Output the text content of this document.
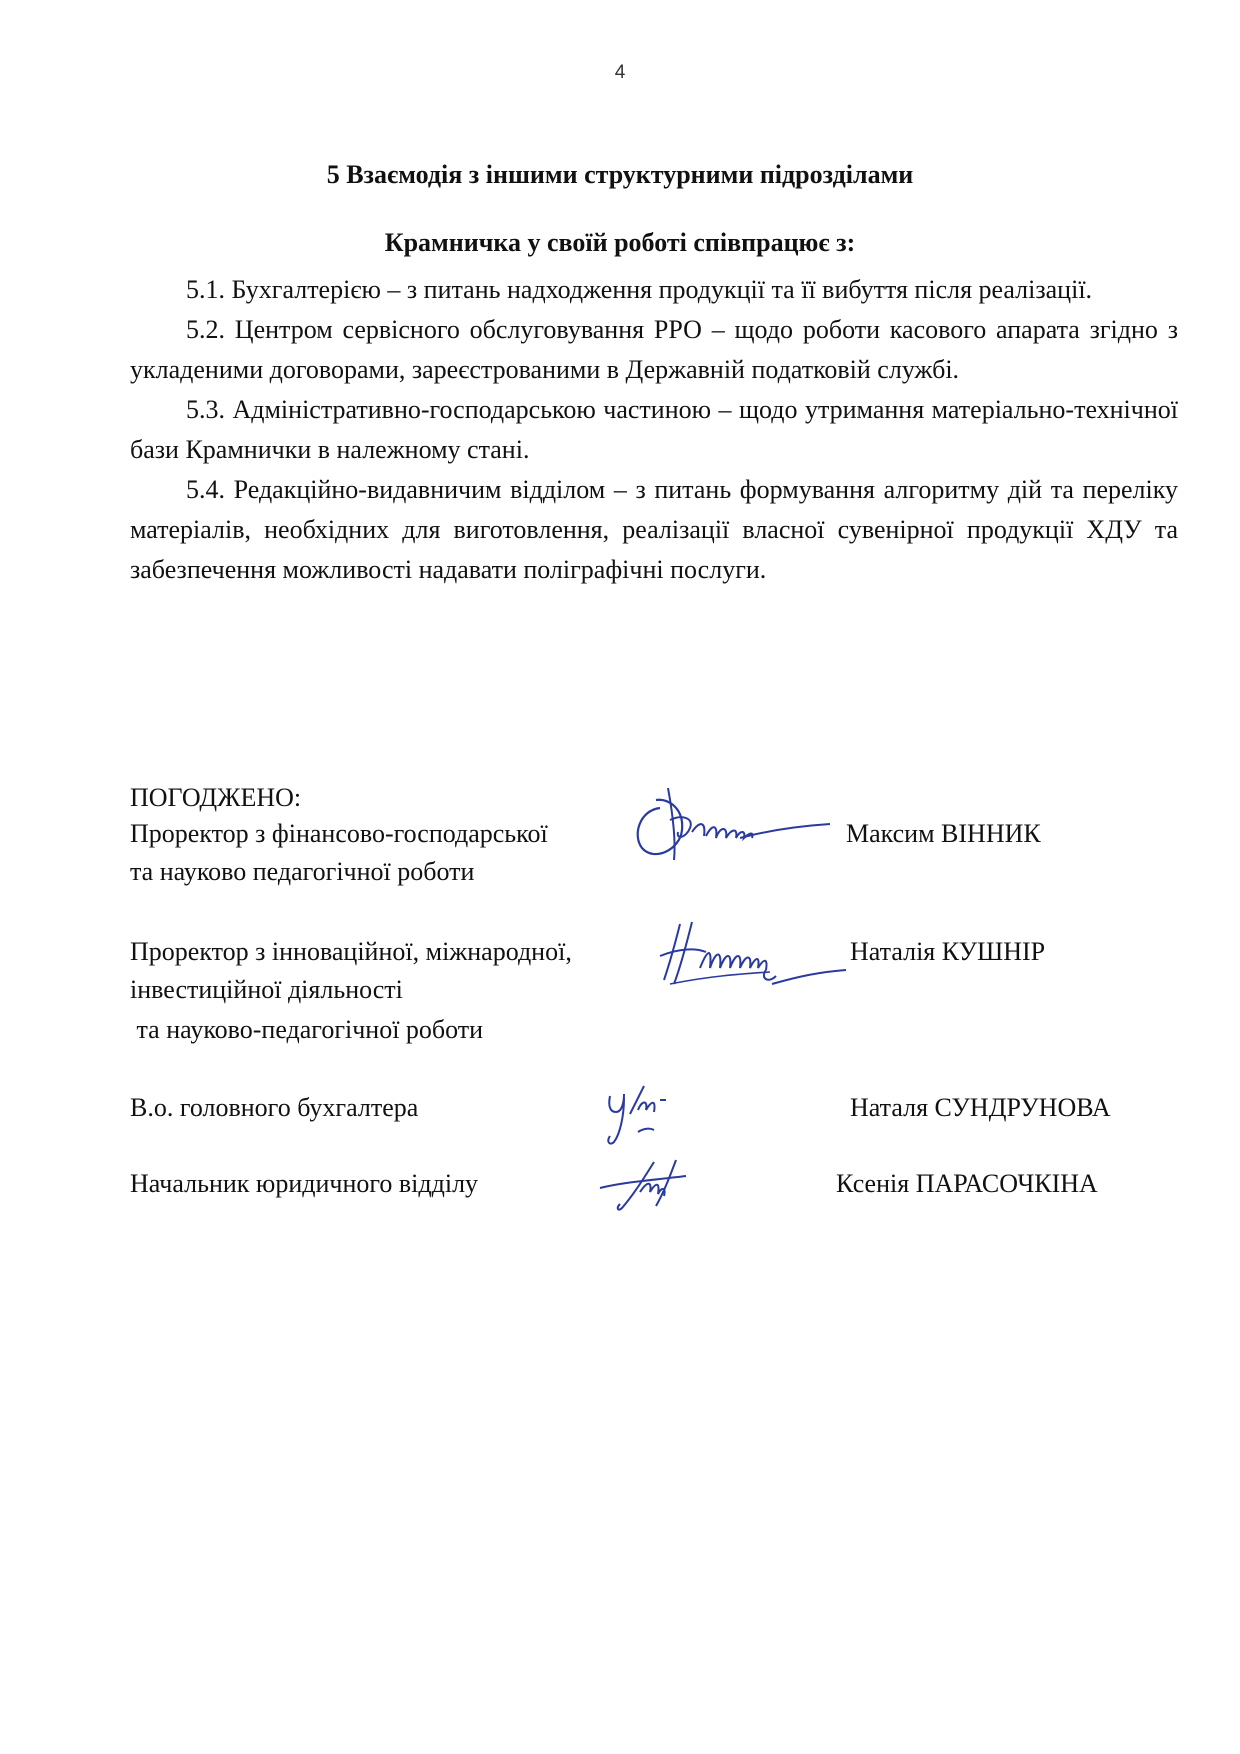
4
5 Взаємодія з іншими структурними підрозділами
Крамничка у своїй роботі співпрацює з:

5.1. Бухгалтерією – з питань надходження продукції та її вибуття після реалізації.

5.2. Центром сервісного обслуговування РРО – щодо роботи касового апарата згідно з укладеними договорами, зареєстрованими в Державній податковій службі.

5.3. Адміністративно-господарською частиною – щодо утримання матеріально-технічної бази Крамнички в належному стані.

5.4. Редакційно-видавничим відділом – з питань формування алгоритму дій та переліку матеріалів, необхідних для виготовлення, реалізації власної сувенірної продукції ХДУ та забезпечення можливості надавати поліграфічні послуги.

ПОГОДЖЕНО:
Проректор з фінансово-господарської
та науково педагогічної роботи
Максим ВІННИК
Проректор з інноваційної, міжнародної,
інвестиційної діяльності
та науково-педагогічної роботи
Наталія КУШНІР
В.о. головного бухгалтера	Наталя СУНДРУНОВА
Начальник юридичного відділу	Ксенія ПАРАСОЧКІНА
